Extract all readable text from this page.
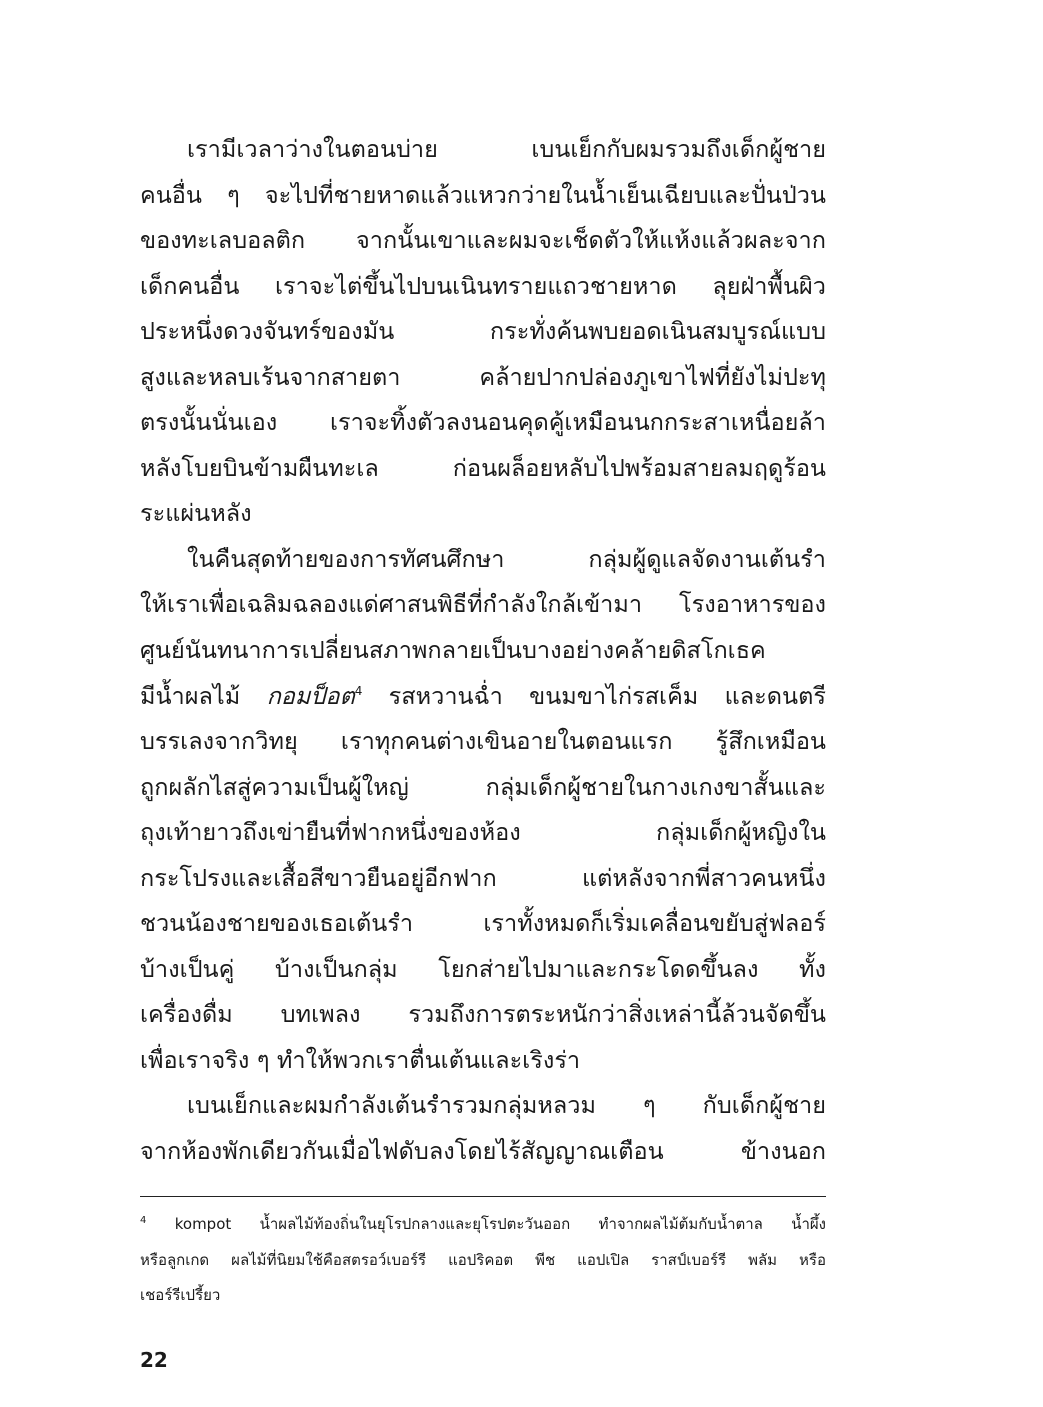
เรามีเวลาว่างในตอนบ่าย เบนเย็กกับผมรวมถึงเด็กผู้ชาย
คนอื่น ๆ จะไปที่ชายหาดแล้วแหวกว่ายในน้ำเย็นเฉียบและปั่นป่วน
ของทะเลบอลติก จากนั้นเขาและผมจะเช็ดตัวให้แห้งแล้วผละจาก
เด็กคนอื่น เราจะไต่ขึ้นไปบนเนินทรายแถวชายหาด ลุยฝ่าพื้นผิว
ประหนึ่งดวงจันทร์ของมัน กระทั่งค้นพบยอดเนินสมบูรณ์แบบ
สูงและหลบเร้นจากสายตา คล้ายปากปล่องภูเขาไฟที่ยังไม่ปะทุ
ตรงนั้นนั่นเอง เราจะทิ้งตัวลงนอนคุดคู้เหมือนนกกระสาเหนื่อยล้า
หลังโบยบินข้ามผืนทะเล ก่อนผล็อยหลับไปพร้อมสายลมฤดูร้อน
ระแผ่นหลัง
ในคืนสุดท้ายของการทัศนศึกษา กลุ่มผู้ดูแลจัดงานเต้นรำ
ให้เราเพื่อเฉลิมฉลองแด่ศาสนพิธีที่กำลังใกล้เข้ามา โรงอาหารของ
ศูนย์นันทนาการเปลี่ยนสภาพกลายเป็นบางอย่างคล้ายดิสโกเธค
มีน้ำผลไม้ กอมป็อต$^4$ รสหวานฉ่ำ ขนมขาไก่รสเค็ม และดนตรี
บรรเลงจากวิทยุ เราทุกคนต่างเขินอายในตอนแรก รู้สึกเหมือน
ถูกผลักไสสู่ความเป็นผู้ใหญ่ กลุ่มเด็กผู้ชายในกางเกงขาสั้นและ
ถุงเท้ายาวถึงเข่ายืนที่ฟากหนึ่งของห้อง กลุ่มเด็กผู้หญิงใน
กระโปรงและเสื้อสีขาวยืนอยู่อีกฟาก แต่หลังจากพี่สาวคนหนึ่ง
ชวนน้องชายของเธอเต้นรำ เราทั้งหมดก็เริ่มเคลื่อนขยับสู่ฟลอร์
บ้างเป็นคู่ บ้างเป็นกลุ่ม โยกส่ายไปมาและกระโดดขึ้นลง ทั้ง
เครื่องดื่ม บทเพลง รวมถึงการตระหนักว่าสิ่งเหล่านี้ล้วนจัดขึ้น
เพื่อเราจริง ๆ ทำให้พวกเราตื่นเต้นและเริงร่า
เบนเย็กและผมกำลังเต้นรำรวมกลุ่มหลวม ๆ กับเด็กผู้ชาย
จากห้องพักเดียวกันเมื่อไฟดับลงโดยไร้สัญญาณเตือน ข้างนอก
$^4$ kompot น้ำผลไม้ท้องถิ่นในยุโรปกลางและยุโรปตะวันออก ทำจากผลไม้ต้มกับน้ำตาล น้ำผึ้ง
หรือลูกเกด ผลไม้ที่นิยมใช้คือสตรอว์เบอร์รี แอปริคอต พีช แอปเปิล ราสป์เบอร์รี พลัม หรือ
เชอร์รีเปรี้ยว
22
